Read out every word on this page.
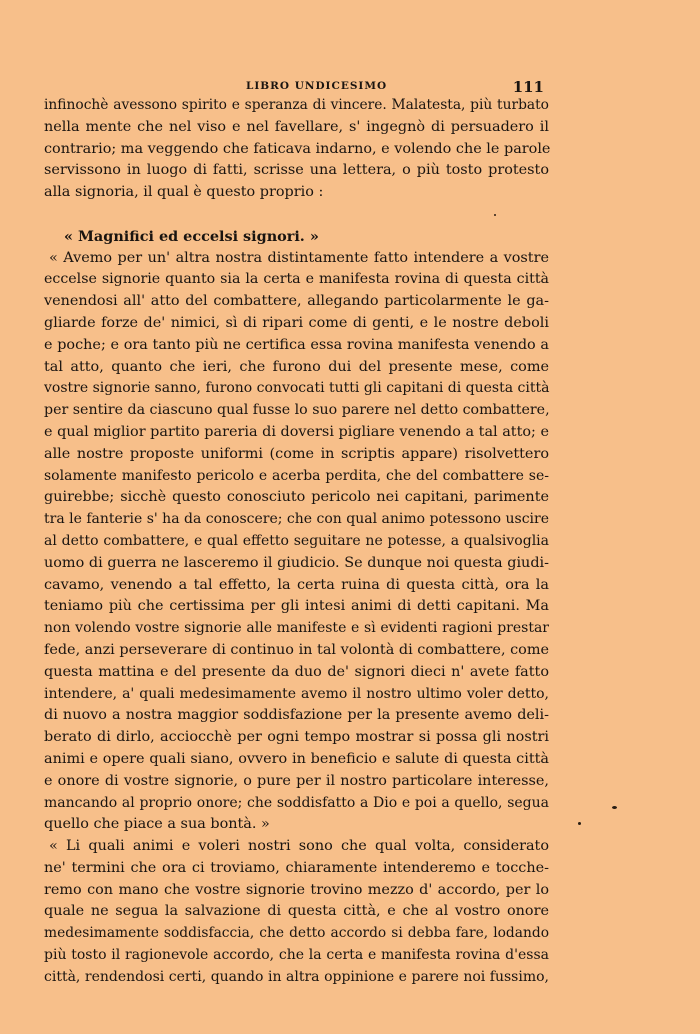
LIBRO UNDICESIMO	111
infinochè avessono spirito e speranza di vincere. Malatesta, più turbato
nella mente che nel viso e nel favellare, s' ingegnò di persuadero il
contrario; ma veggendo che faticava indarno, e volendo che le parole
servissono in luogo di fatti, scrisse una lettera, o più tosto protesto
alla signoria, il qual è questo proprio :
« Magnifici ed eccelsi signori. »
« Avemo per un' altra nostra distintamente fatto intendere a vostre
eccelse signorie quanto sia la certa e manifesta rovina di questa città
venendosi all' atto del combattere, allegando particolarmente le ga-
gliarde forze de' nimici, sì di ripari come di genti, e le nostre deboli
e poche; e ora tanto più ne certifica essa rovina manifesta venendo a
tal atto, quanto che ieri, che furono dui del presente mese, come
vostre signorie sanno, furono convocati tutti gli capitani di questa città
per sentire da ciascuno qual fusse lo suo parere nel detto combattere,
e qual miglior partito pareria di doversi pigliare venendo a tal atto; e
alle nostre proposte uniformi (come in scriptis appare) risolvettero
solamente manifesto pericolo e acerba perdita, che del combattere se-
guirebbe; sicchè questo conosciuto pericolo nei capitani, parimente
tra le fanterie s' ha da conoscere; che con qual animo potessono uscire
al detto combattere, e qual effetto seguitare ne potesse, a qualsivoglia
uomo di guerra ne lasceremo il giudicio. Se dunque noi questa giudi-
cavamo, venendo a tal effetto, la certa ruina di questa città, ora la
teniamo più che certissima per gli intesi animi di detti capitani. Ma
non volendo vostre signorie alle manifeste e sì evidenti ragioni prestar
fede, anzi perseverare di continuo in tal volontà di combattere, come
questa mattina e del presente da duo de' signori dieci n' avete fatto
intendere, a' quali medesimamente avemo il nostro ultimo voler detto,
di nuovo a nostra maggior soddisfazione per la presente avemo deli-
berato di dirlo, acciocchè per ogni tempo mostrar si possa gli nostri
animi e opere quali siano, ovvero in beneficio e salute di questa città
e onore di vostre signorie, o pure per il nostro particolare interesse,
mancando al proprio onore; che soddisfatto a Dio e poi a quello, segua
quello che piace a sua bontà. »
« Li quali animi e voleri nostri sono che qual volta, considerato
ne' termini che ora ci troviamo, chiaramente intenderemo e tocche-
remo con mano che vostre signorie trovino mezzo d' accordo, per lo
quale ne segua la salvazione di questa città, e che al vostro onore
medesimamente soddisfaccia, che detto accordo si debba fare, lodando
più tosto il ragionevole accordo, che la certa e manifesta rovina d'essa
città, rendendosi certi, quando in altra oppinione e parere noi fussimo,
